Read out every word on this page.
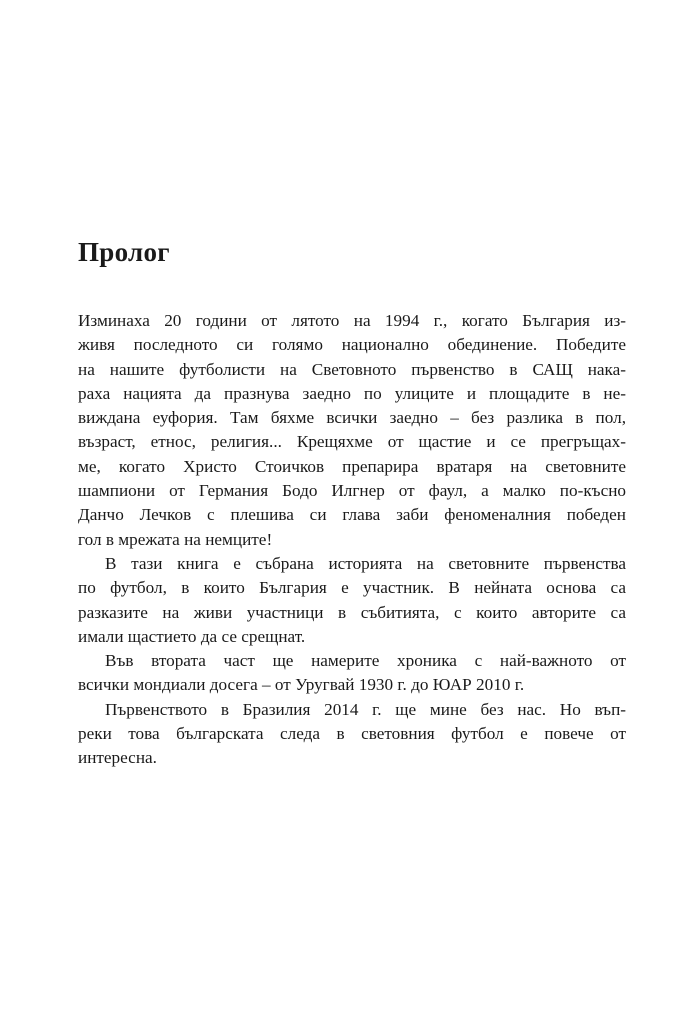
Пролог
Изминаха 20 години от лятото на 1994 г., когато България из-
живя последното си голямо национално обединение. Победите
на нашите футболисти на Световното първенство в САЩ нака-
раха нацията да празнува заедно по улиците и площадите в не-
виждана еуфория. Там бяхме всички заедно – без разлика в пол,
възраст, етнос, религия... Крещяхме от щастие и се прегръщах-
ме, когато Христо Стоичков препарира вратаря на световните
шампиони от Германия Бодо Илгнер от фаул, а малко по-късно
Данчо Лечков с плешива си глава заби феноменалния победен
гол в мрежата на немците!
В тази книга е събрана историята на световните първенства
по футбол, в които България е участник. В нейната основа са
разказите на живи участници в събитията, с които авторите са
имали щастието да се срещнат.
Във втората част ще намерите хроника с най-важното от
всички мондиали досега – от Уругвай 1930 г. до ЮАР 2010 г.
Първенството в Бразилия 2014 г. ще мине без нас. Но въп-
реки това българската следа в световния футбол е повече от
интересна.
